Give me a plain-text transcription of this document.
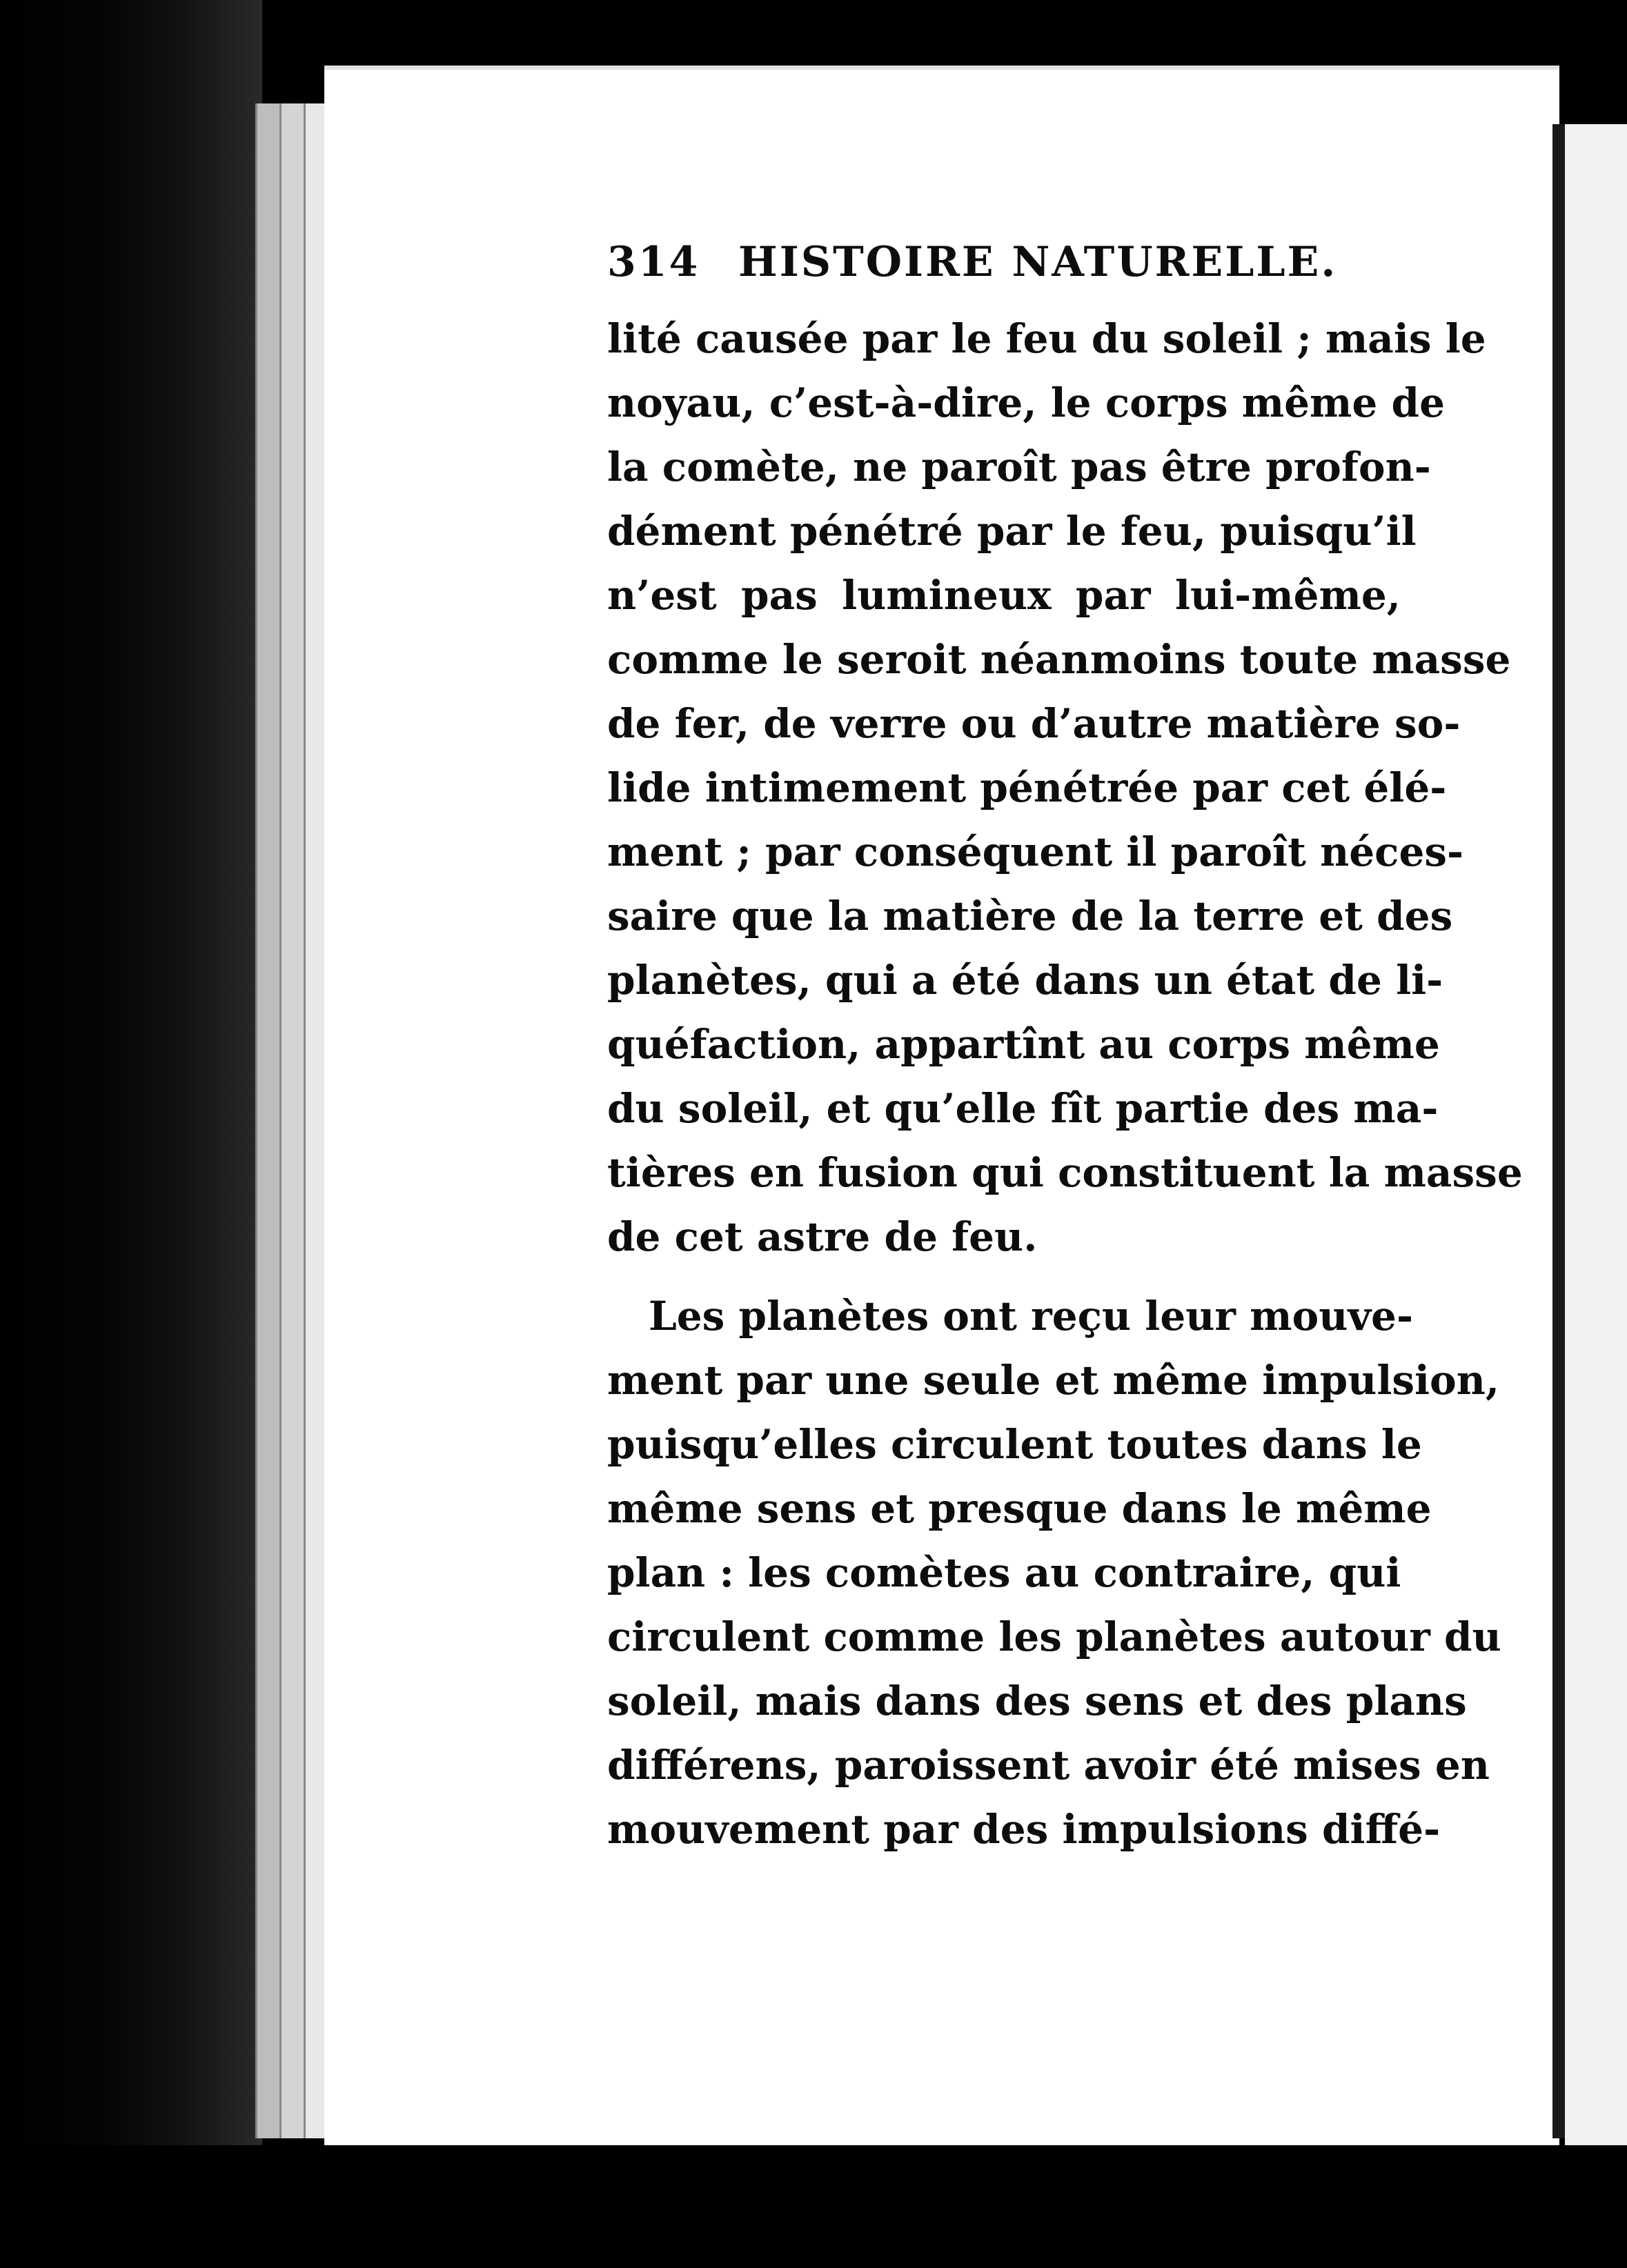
314 HISTOIRE NATURELLE.
lité causée par le feu du soleil ; mais le
noyau, c’est-à-dire, le corps même de
la comète, ne paroît pas être profon-
dément pénétré par le feu, puisqu’il
n’est pas lumineux par lui-même,
comme le seroit néanmoins toute masse
de fer, de verre ou d’autre matière so-
lide intimement pénétrée par cet élé-
ment ; par conséquent il paroît néces-
saire que la matière de la terre et des
planètes, qui a été dans un état de li-
quéfaction, appartînt au corps même
du soleil, et qu’elle fît partie des ma-
tières en fusion qui constituent la masse
de cet astre de feu.
Les planètes ont reçu leur mouve-
ment par une seule et même impulsion,
puisqu’elles circulent toutes dans le
même sens et presque dans le même
plan : les comètes au contraire, qui
circulent comme les planètes autour du
soleil, mais dans des sens et des plans
différens, paroissent avoir été mises en
mouvement par des impulsions diffé-
